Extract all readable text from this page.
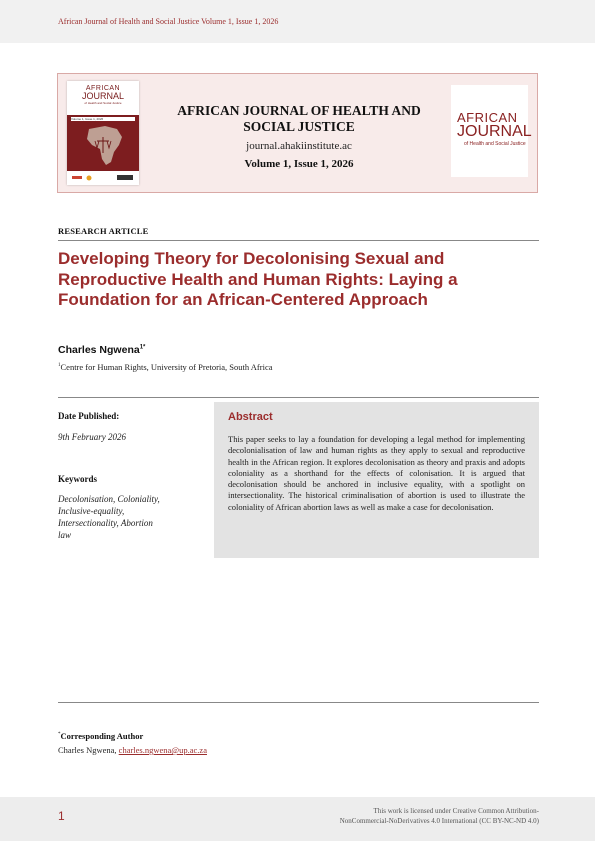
African Journal of Health and Social Justice Volume 1, Issue 1, 2026
AFRICAN
JOURNAL
of Health and Social Justice
Volume 1, Issue 1, 2026
AFRICAN JOURNAL OF HEALTH AND SOCIAL JUSTICE
journal.ahakiinstitute.ac
Volume 1, Issue 1, 2026
AFRICAN
JOURNAL
of Health and Social Justice
RESEARCH ARTICLE
Developing Theory for Decolonising Sexual and Reproductive Health and Human Rights: Laying a Foundation for an African-Centered Approach
Charles Ngwena$^{1*}$
$^1$Centre for Human Rights, University of Pretoria, South Africa
Date Published:
9th February 2026
Keywords
Decolonisation, Coloniality,
Inclusive-equality,
Intersectionality, Abortion
law
Abstract
This paper seeks to lay a foundation for developing a legal method for implementing decolonialisation of law and human rights as they apply to sexual and reproductive health in the African region. It explores decolonisation as theory and praxis and adopts coloniality as a shorthand for the effects of colonisation. It is argued that decolonisation should be anchored in inclusive equality, with a spotlight on intersectionality. The historical criminalisation of abortion is used to illustrate the coloniality of African abortion laws as well as make a case for decolonisation.
*Corresponding Author
Charles Ngwena, charles.ngwena@up.ac.za
1	This work is licensed under Creative Common Attribution-
NonCommercial-NoDerivatives 4.0 International (CC BY-NC-ND 4.0)
